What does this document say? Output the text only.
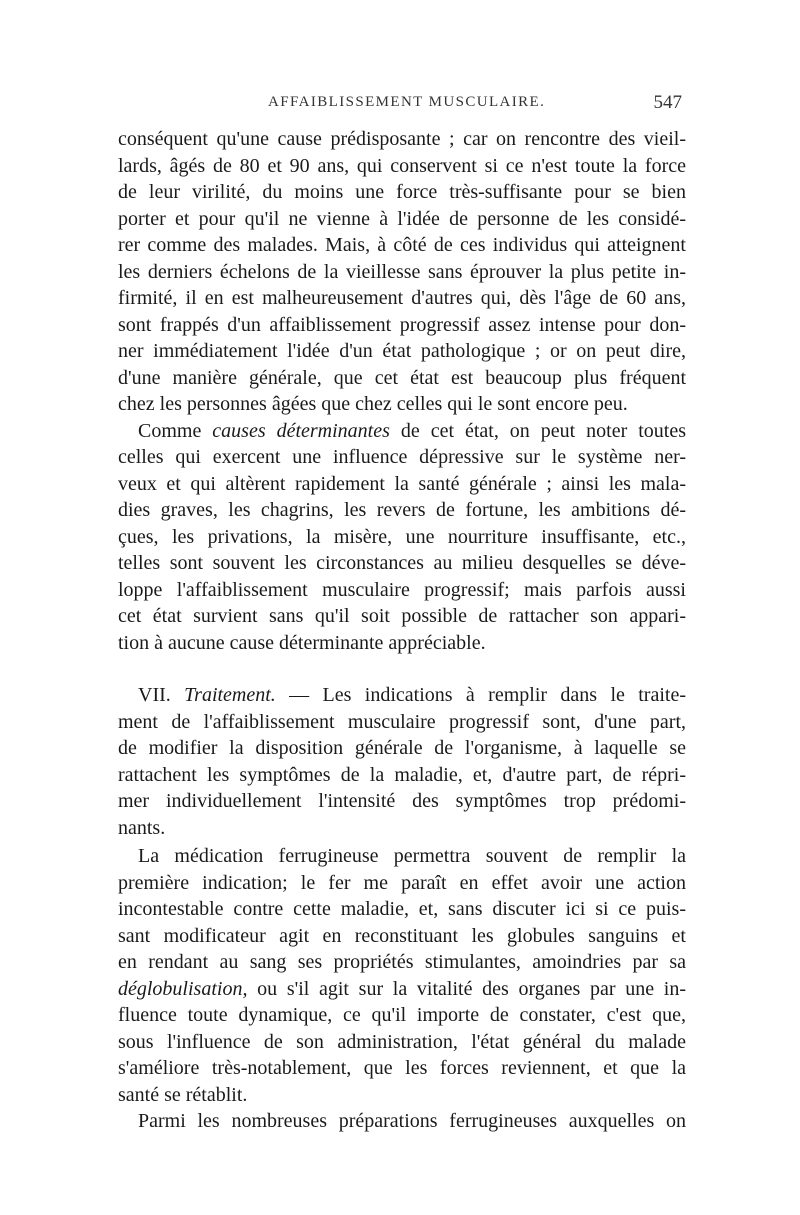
AFFAIBLISSEMENT MUSCULAIRE.	547
conséquent qu'une cause prédisposante ; car on rencontre des vieil-
lards, âgés de 80 et 90 ans, qui conservent si ce n'est toute la force
de leur virilité, du moins une force très-suffisante pour se bien
porter et pour qu'il ne vienne à l'idée de personne de les considé-
rer comme des malades. Mais, à côté de ces individus qui atteignent
les derniers échelons de la vieillesse sans éprouver la plus petite in-
firmité, il en est malheureusement d'autres qui, dès l'âge de 60 ans,
sont frappés d'un affaiblissement progressif assez intense pour don-
ner immédiatement l'idée d'un état pathologique ; or on peut dire,
d'une manière générale, que cet état est beaucoup plus fréquent
chez les personnes âgées que chez celles qui le sont encore peu.
Comme causes déterminantes de cet état, on peut noter toutes
celles qui exercent une influence dépressive sur le système ner-
veux et qui altèrent rapidement la santé générale ; ainsi les mala-
dies graves, les chagrins, les revers de fortune, les ambitions dé-
çues, les privations, la misère, une nourriture insuffisante, etc.,
telles sont souvent les circonstances au milieu desquelles se déve-
loppe l'affaiblissement musculaire progressif; mais parfois aussi
cet état survient sans qu'il soit possible de rattacher son appari-
tion à aucune cause déterminante appréciable.
VII. Traitement. — Les indications à remplir dans le traite-
ment de l'affaiblissement musculaire progressif sont, d'une part,
de modifier la disposition générale de l'organisme, à laquelle se
rattachent les symptômes de la maladie, et, d'autre part, de répri-
mer individuellement l'intensité des symptômes trop prédomi-
nants.
La médication ferrugineuse permettra souvent de remplir la
première indication; le fer me paraît en effet avoir une action
incontestable contre cette maladie, et, sans discuter ici si ce puis-
sant modificateur agit en reconstituant les globules sanguins et
en rendant au sang ses propriétés stimulantes, amoindries par sa
déglobulisation, ou s'il agit sur la vitalité des organes par une in-
fluence toute dynamique, ce qu'il importe de constater, c'est que,
sous l'influence de son administration, l'état général du malade
s'améliore très-notablement, que les forces reviennent, et que la
santé se rétablit.
Parmi les nombreuses préparations ferrugineuses auxquelles on
